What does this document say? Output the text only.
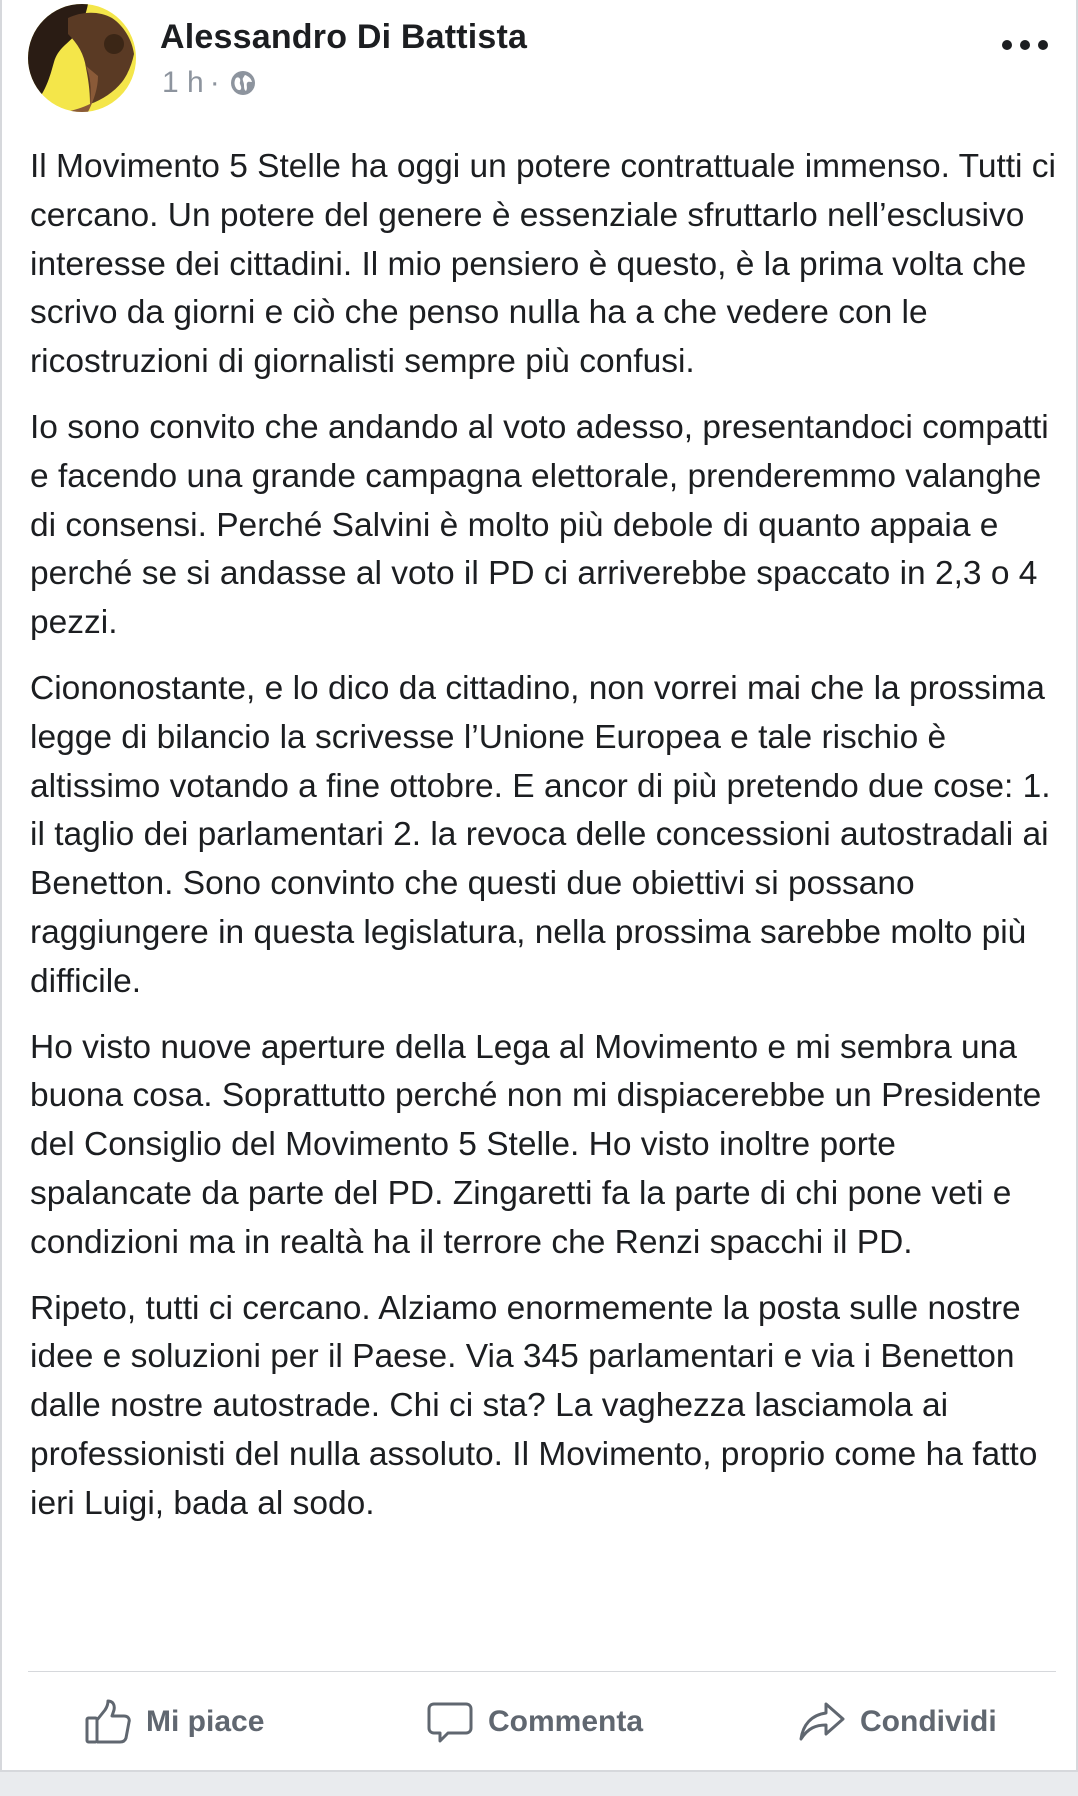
Alessandro Di Battista
1 h ·

Il Movimento 5 Stelle ha oggi un potere contrattuale immenso. Tutti ci cercano. Un potere del genere è essenziale sfruttarlo nell’esclusivo interesse dei cittadini. Il mio pensiero è questo, è la prima volta che scrivo da giorni e ciò che penso nulla ha a che vedere con le ricostruzioni di giornalisti sempre più confusi.

Io sono convito che andando al voto adesso, presentandoci compatti e facendo una grande campagna elettorale, prenderemmo valanghe di consensi. Perché Salvini è molto più debole di quanto appaia e perché se si andasse al voto il PD ci arriverebbe spaccato in 2,3 o 4 pezzi.

Ciononostante, e lo dico da cittadino, non vorrei mai che la prossima legge di bilancio la scrivesse l’Unione Europea e tale rischio è altissimo votando a fine ottobre. E ancor di più pretendo due cose: 1. il taglio dei parlamentari 2. la revoca delle concessioni autostradali ai Benetton. Sono convinto che questi due obiettivi si possano raggiungere in questa legislatura, nella prossima sarebbe molto più difficile.

Ho visto nuove aperture della Lega al Movimento e mi sembra una buona cosa. Soprattutto perché non mi dispiacerebbe un Presidente del Consiglio del Movimento 5 Stelle. Ho visto inoltre porte spalancate da parte del PD. Zingaretti fa la parte di chi pone veti e condizioni ma in realtà ha il terrore che Renzi spacchi il PD.

Ripeto, tutti ci cercano. Alziamo enormemente la posta sulle nostre idee e soluzioni per il Paese. Via 345 parlamentari e via i Benetton dalle nostre autostrade. Chi ci sta? La vaghezza lasciamola ai professionisti del nulla assoluto. Il Movimento, proprio come ha fatto ieri Luigi, bada al sodo.

Mi piace	Commenta	Condividi
